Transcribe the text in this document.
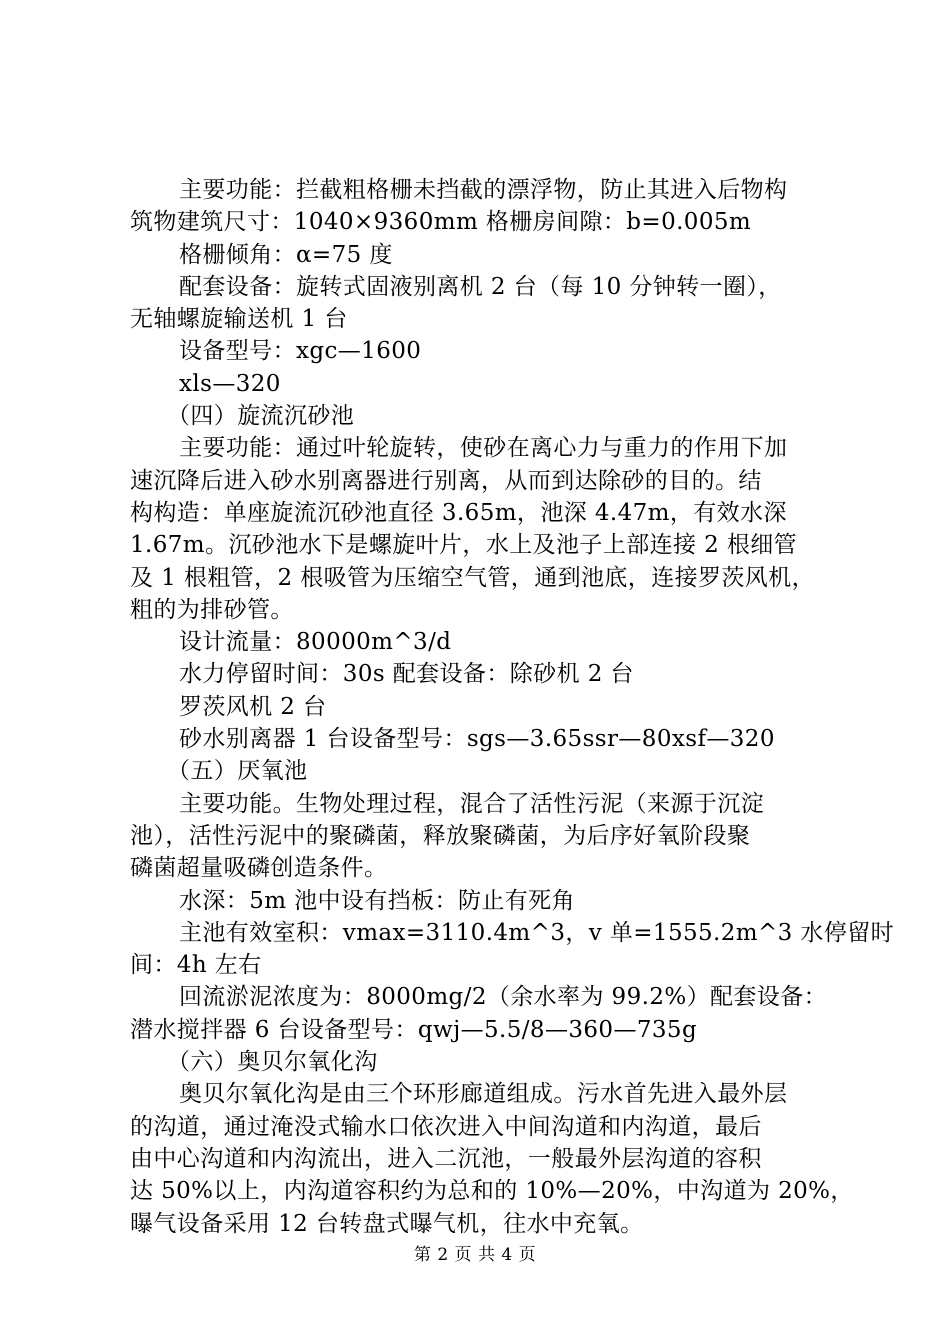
主要功能：拦截粗格栅未挡截的漂浮物，防止其进入后物构
筑物建筑尺寸：1040×9360mm 格栅房间隙：b=0.005m
格栅倾角：α=75 度
配套设备：旋转式固液别离机 2 台（每 10 分钟转一圈），
无轴螺旋输送机 1 台
设备型号：xgc—1600
xls—320
（四）旋流沉砂池
主要功能：通过叶轮旋转，使砂在离心力与重力的作用下加
速沉降后进入砂水别离器进行别离，从而到达除砂的目的。结
构构造：单座旋流沉砂池直径 3.65m，池深 4.47m，有效水深
1.67m。沉砂池水下是螺旋叶片，水上及池子上部连接 2 根细管
及 1 根粗管，2 根吸管为压缩空气管，通到池底，连接罗茨风机，
粗的为排砂管。
设计流量：80000m^3/d
水力停留时间：30s 配套设备：除砂机 2 台
罗茨风机 2 台
砂水别离器 1 台设备型号：sgs—3.65ssr—80xsf—320
（五）厌氧池
主要功能。生物处理过程，混合了活性污泥（来源于沉淀
池），活性污泥中的聚磷菌，释放聚磷菌，为后序好氧阶段聚
磷菌超量吸磷创造条件。
水深：5m 池中设有挡板：防止有死角
主池有效室积：vmax=3110.4m^3，v 单=1555.2m^3 水停留时
间：4h 左右
回流淤泥浓度为：8000mg/2（余水率为 99.2%）配套设备：
潜水搅拌器 6 台设备型号：qwj—5.5/8—360—735g
（六）奥贝尔氧化沟
奥贝尔氧化沟是由三个环形廊道组成。污水首先进入最外层
的沟道，通过淹没式输水口依次进入中间沟道和内沟道，最后
由中心沟道和内沟流出，进入二沉池，一般最外层沟道的容积
达 50%以上，内沟道容积约为总和的 10%—20%，中沟道为 20%，
曝气设备采用 12 台转盘式曝气机，往水中充氧。
第 2 页 共 4 页
